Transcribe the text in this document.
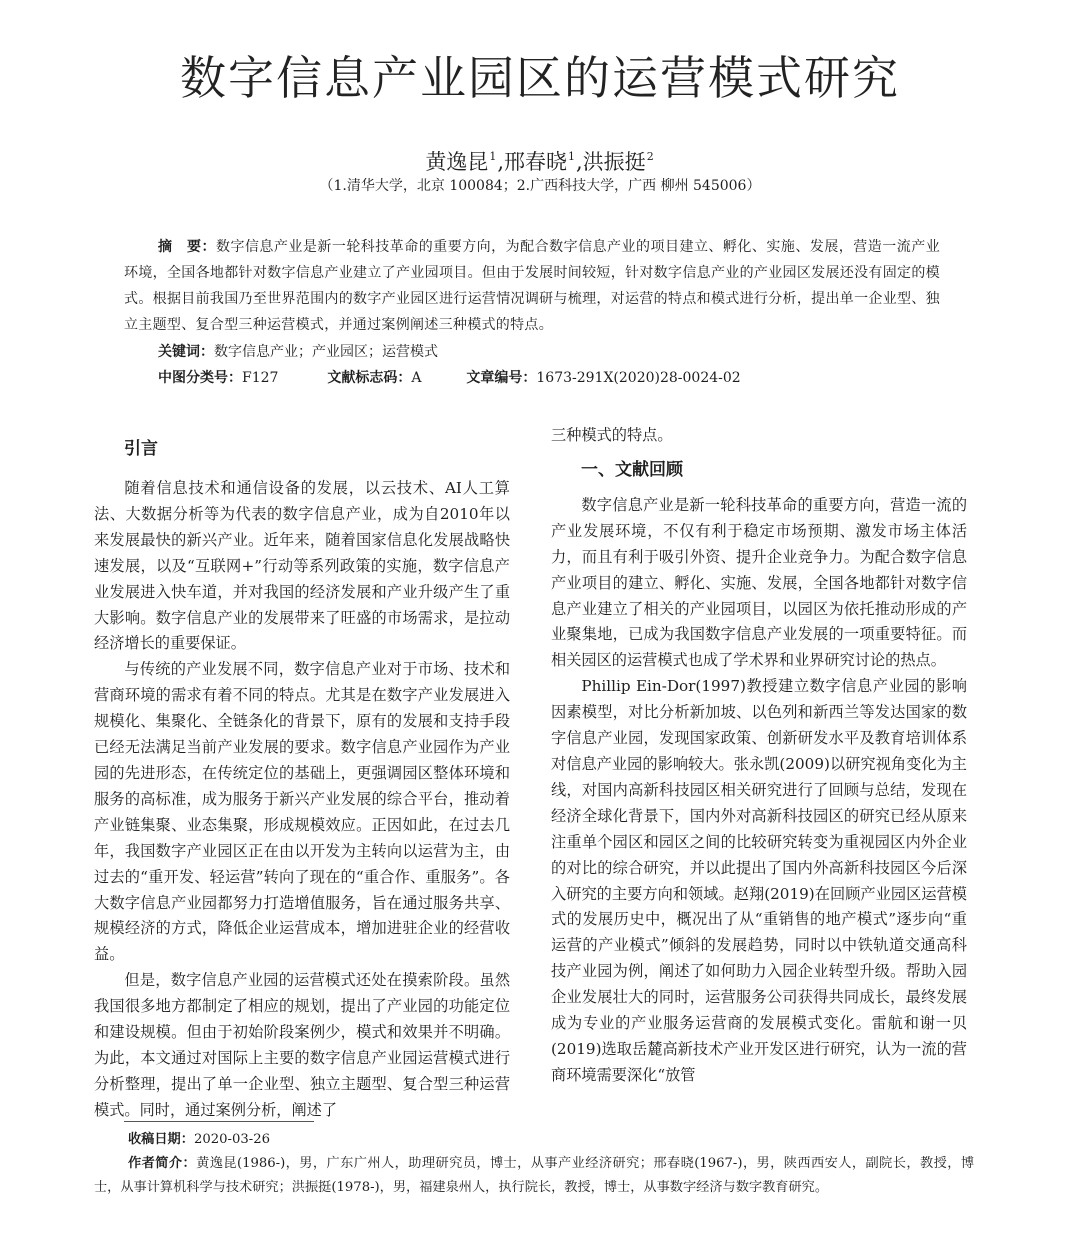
数字信息产业园区的运营模式研究
黄逸昆$^1$,邢春晓$^1$,洪振挺$^2$
（1.清华大学，北京 100084；2.广西科技大学，广西 柳州 545006）
摘　要：数字信息产业是新一轮科技革命的重要方向，为配合数字信息产业的项目建立、孵化、实施、发展，营造一流产业环境，全国各地都针对数字信息产业建立了产业园项目。但由于发展时间较短，针对数字信息产业的产业园区发展还没有固定的模式。根据目前我国乃至世界范围内的数字产业园区进行运营情况调研与梳理，对运营的特点和模式进行分析，提出单一企业型、独立主题型、复合型三种运营模式，并通过案例阐述三种模式的特点。
关键词：数字信息产业；产业园区；运营模式
中图分类号：F127	文献标志码：A	文章编号：1673-291X(2020)28-0024-02
引言

随着信息技术和通信设备的发展，以云技术、AI人工算法、大数据分析等为代表的数字信息产业，成为自2010年以来发展最快的新兴产业。近年来，随着国家信息化发展战略快速发展，以及“互联网+”行动等系列政策的实施，数字信息产业发展进入快车道，并对我国的经济发展和产业升级产生了重大影响。数字信息产业的发展带来了旺盛的市场需求，是拉动经济增长的重要保证。

与传统的产业发展不同，数字信息产业对于市场、技术和营商环境的需求有着不同的特点。尤其是在数字产业发展进入规模化、集聚化、全链条化的背景下，原有的发展和支持手段已经无法满足当前产业发展的要求。数字信息产业园作为产业园的先进形态，在传统定位的基础上，更强调园区整体环境和服务的高标准，成为服务于新兴产业发展的综合平台，推动着产业链集聚、业态集聚，形成规模效应。正因如此，在过去几年，我国数字产业园区正在由以开发为主转向以运营为主，由过去的“重开发、轻运营”转向了现在的“重合作、重服务”。各大数字信息产业园都努力打造增值服务，旨在通过服务共享、规模经济的方式，降低企业运营成本，增加进驻企业的经营收益。

但是，数字信息产业园的运营模式还处在摸索阶段。虽然我国很多地方都制定了相应的规划，提出了产业园的功能定位和建设规模。但由于初始阶段案例少，模式和效果并不明确。为此，本文通过对国际上主要的数字信息产业园运营模式进行分析整理，提出了单一企业型、独立主题型、复合型三种运营模式。同时，通过案例分析，阐述了

三种模式的特点。

一、文献回顾

数字信息产业是新一轮科技革命的重要方向，营造一流的产业发展环境，不仅有利于稳定市场预期、激发市场主体活力，而且有利于吸引外资、提升企业竞争力。为配合数字信息产业项目的建立、孵化、实施、发展，全国各地都针对数字信息产业建立了相关的产业园项目，以园区为依托推动形成的产业聚集地，已成为我国数字信息产业发展的一项重要特征。而相关园区的运营模式也成了学术界和业界研究讨论的热点。

Phillip Ein-Dor(1997)教授建立数字信息产业园的影响因素模型，对比分析新加坡、以色列和新西兰等发达国家的数字信息产业园，发现国家政策、创新研发水平及教育培训体系对信息产业园的影响较大。张永凯(2009)以研究视角变化为主线，对国内高新科技园区相关研究进行了回顾与总结，发现在经济全球化背景下，国内外对高新科技园区的研究已经从原来注重单个园区和园区之间的比较研究转变为重视园区内外企业的对比的综合研究，并以此提出了国内外高新科技园区今后深入研究的主要方向和领域。赵翔(2019)在回顾产业园区运营模式的发展历史中，概况出了从“重销售的地产模式”逐步向“重运营的产业模式”倾斜的发展趋势，同时以中铁轨道交通高科技产业园为例，阐述了如何助力入园企业转型升级。帮助入园企业发展壮大的同时，运营服务公司获得共同成长，最终发展成为专业的产业服务运营商的发展模式变化。雷航和谢一贝(2019)选取岳麓高新技术产业开发区进行研究，认为一流的营商环境需要深化“放管

收稿日期：2020-03-26
作者简介：黄逸昆(1986-)，男，广东广州人，助理研究员，博士，从事产业经济研究；邢春晓(1967-)，男，陕西西安人，副院长，教授，博士，从事计算机科学与技术研究；洪振挺(1978-)，男，福建泉州人，执行院长，教授，博士，从事数字经济与数字教育研究。
